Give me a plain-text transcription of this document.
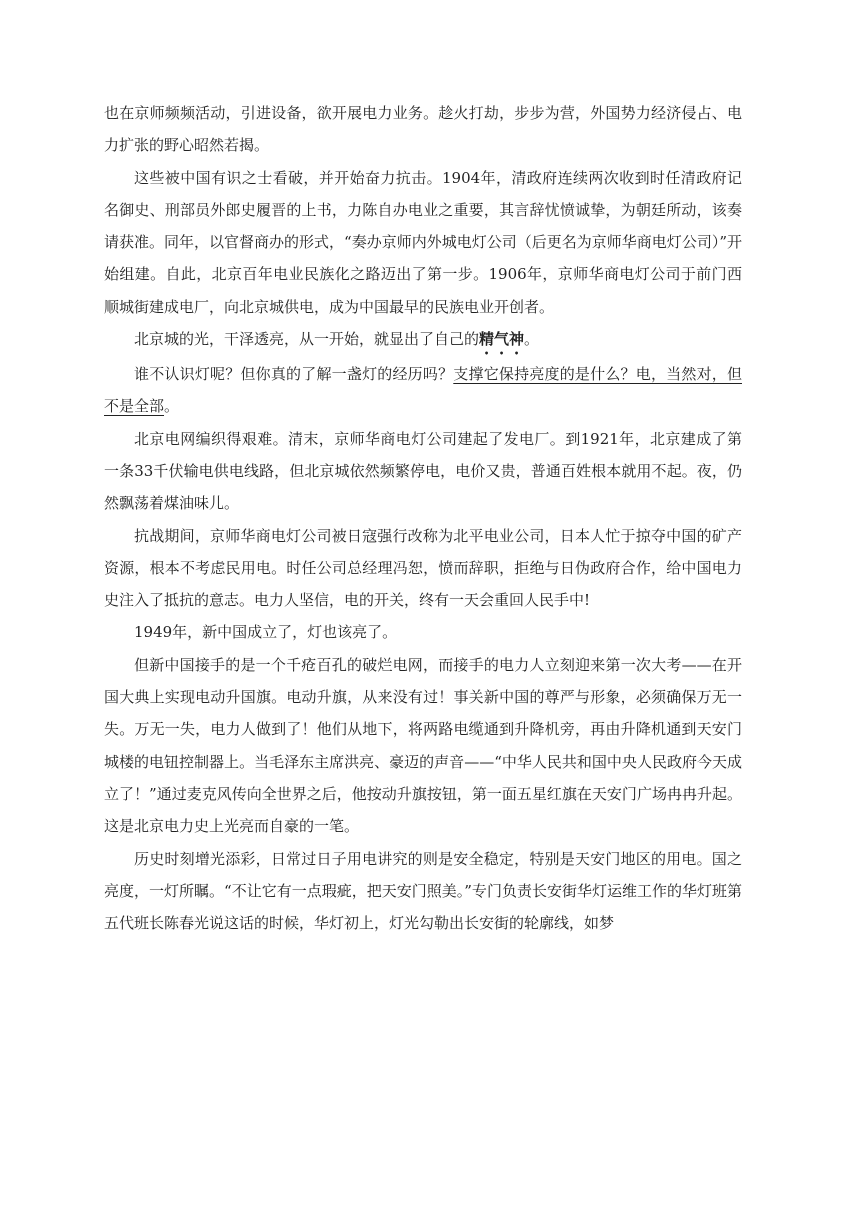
也在京师频频活动，引进设备，欲开展电力业务。趁火打劫，步步为营，外国势力经济侵占、电力扩张的野心昭然若揭。

这些被中国有识之士看破，并开始奋力抗击。1904年，清政府连续两次收到时任清政府记名御史、刑部员外郎史履晋的上书，力陈自办电业之重要，其言辞忧愤诚挚，为朝廷所动，该奏请获准。同年，以官督商办的形式，“奏办京师内外城电灯公司（后更名为京师华商电灯公司）”开始组建。自此，北京百年电业民族化之路迈出了第一步。1906年，京师华商电灯公司于前门西顺城街建成电厂，向北京城供电，成为中国最早的民族电业开创者。

北京城的光，干泽透亮，从一开始，就显出了自己的精气神。

谁不认识灯呢？但你真的了解一盏灯的经历吗？支撑它保持亮度的是什么？电，当然对，但不是全部。

北京电网编织得艰难。清末，京师华商电灯公司建起了发电厂。到1921年，北京建成了第一条33千伏输电供电线路，但北京城依然频繁停电，电价又贵，普通百姓根本就用不起。夜，仍然飘荡着煤油味儿。

抗战期间，京师华商电灯公司被日寇强行改称为北平电业公司，日本人忙于掠夺中国的矿产资源，根本不考虑民用电。时任公司总经理冯恕，愤而辞职，拒绝与日伪政府合作，给中国电力史注入了抵抗的意志。电力人坚信，电的开关，终有一天会重回人民手中!

1949年，新中国成立了，灯也该亮了。

但新中国接手的是一个千疮百孔的破烂电网，而接手的电力人立刻迎来第一次大考——在开国大典上实现电动升国旗。电动升旗，从来没有过！事关新中国的尊严与形象，必须确保万无一失。万无一失，电力人做到了！他们从地下，将两路电缆通到升降机旁，再由升降机通到天安门城楼的电钮控制器上。当毛泽东主席洪亮、豪迈的声音——“中华人民共和国中央人民政府今天成立了！”通过麦克风传向全世界之后，他按动升旗按钮，第一面五星红旗在天安门广场冉冉升起。这是北京电力史上光亮而自豪的一笔。

历史时刻增光添彩，日常过日子用电讲究的则是安全稳定，特别是天安门地区的用电。国之亮度，一灯所瞩。“不让它有一点瑕疵，把天安门照美。”专门负责长安街华灯运维工作的华灯班第五代班长陈春光说这话的时候，华灯初上，灯光勾勒出长安街的轮廓线，如梦
